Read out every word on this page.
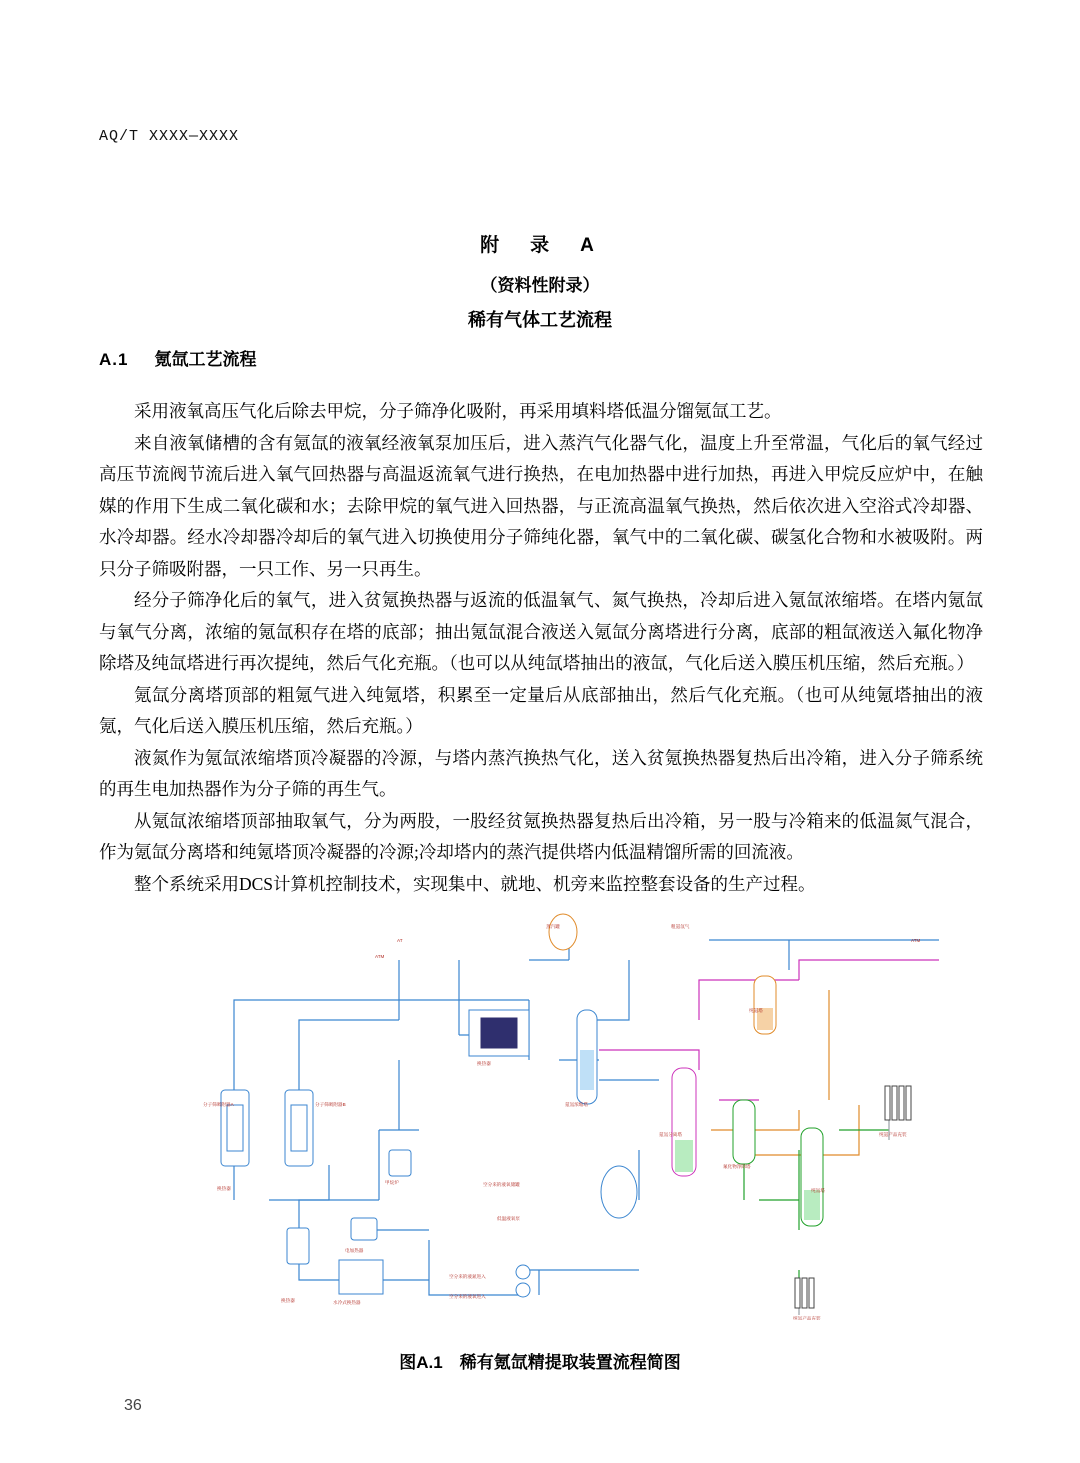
AQ/T XXXX—XXXX
附　录　A
（资料性附录）
稀有气体工艺流程
A.1 氪氙工艺流程

采用液氧高压气化后除去甲烷，分子筛净化吸附，再采用填料塔低温分馏氪氙工艺。

来自液氧储槽的含有氪氙的液氧经液氧泵加压后，进入蒸汽气化器气化，温度上升至常温，气化后的氧气经过高压节流阀节流后进入氧气回热器与高温返流氧气进行换热，在电加热器中进行加热，再进入甲烷反应炉中，在触媒的作用下生成二氧化碳和水；去除甲烷的氧气进入回热器，与正流高温氧气换热，然后依次进入空浴式冷却器、水冷却器。经水冷却器冷却后的氧气进入切换使用分子筛纯化器，氧气中的二氧化碳、碳氢化合物和水被吸附。两只分子筛吸附器，一只工作、另一只再生。

经分子筛净化后的氧气，进入贫氪换热器与返流的低温氧气、氮气换热，冷却后进入氪氙浓缩塔。在塔内氪氙与氧气分离，浓缩的氪氙积存在塔的底部；抽出氪氙混合液送入氪氙分离塔进行分离，底部的粗氙液送入氟化物净除塔及纯氙塔进行再次提纯，然后气化充瓶。（也可以从纯氙塔抽出的液氙，气化后送入膜压机压缩，然后充瓶。）

氪氙分离塔顶部的粗氪气进入纯氪塔，积累至一定量后从底部抽出，然后气化充瓶。（也可从纯氪塔抽出的液氪，气化后送入膜压机压缩，然后充瓶。）

液氮作为氪氙浓缩塔顶冷凝器的冷源，与塔内蒸汽换热气化，送入贫氪换热器复热后出冷箱，进入分子筛系统的再生电加热器作为分子筛的再生气。

从氪氙浓缩塔顶部抽取氧气，分为两股，一股经贫氪换热器复热后出冷箱，另一股与冷箱来的低温氮气混合，作为氪氙分离塔和纯氪塔顶冷凝器的冷源;冷却塔内的蒸汽提供塔内低温精馏所需的回流液。

整个系统采用DCS计算机控制技术，实现集中、就地、机旁来监控整套设备的生产过程。

蒸汽罐
ATM
AT
粗氪氙气
ATM
换热器
分子筛吸附器A	分子筛吸附器B
换热器
换热器
甲烷炉
电加热器
水冷式换热器
氪氙浓缩塔
空分来的液氧储罐
低温液氧泵
氪氙分离塔
氟化物净除塔
纯氪塔
纯氙塔
纯氪产品充装
纯氙产品充装
空分来的液氮进入
空分来的液氧进入
图A.1　稀有氪氙精提取装置流程简图
36
